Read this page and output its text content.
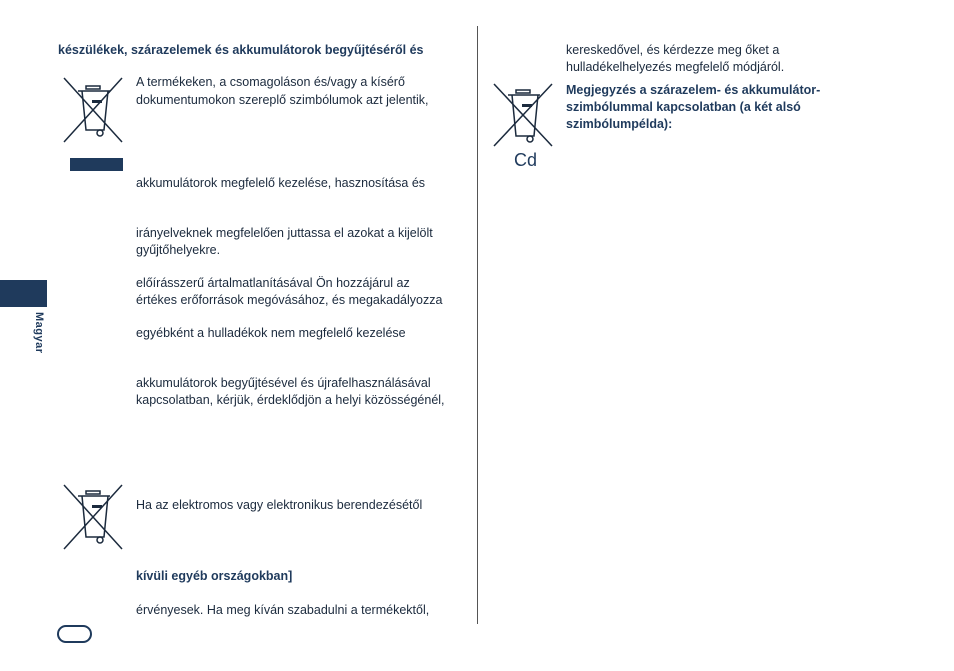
Magyar
készülékek, szárazelemek és akkumulátorok begyűjtéséről és
A termékeken, a csomagoláson és/vagy a kísérő
dokumentumokon szereplő szimbólumok azt jelentik,
akkumulátorok megfelelő kezelése, hasznosítása és
irányelveknek megfelelően juttassa el azokat a kijelölt
gyűjtőhelyekre.
előírásszerű ártalmatlanításával Ön hozzájárul az
értékes erőforrások megóvásához, és megakadályozza
egyébként a hulladékok nem megfelelő kezelése
akkumulátorok begyűjtésével és újrafelhasználásával
kapcsolatban, kérjük, érdeklődjön a helyi közösségénél,
Ha az elektromos vagy elektronikus berendezésétől
kívüli egyéb országokban]
érvényesek. Ha meg kíván szabadulni a termékektől,
kereskedővel, és kérdezze meg őket a
hulladékelhelyezés megfelelő módjáról.
Cd
Megjegyzés a szárazelem- és akkumulátor-
szimbólummal kapcsolatban (a két alsó
szimbólumpélda):
